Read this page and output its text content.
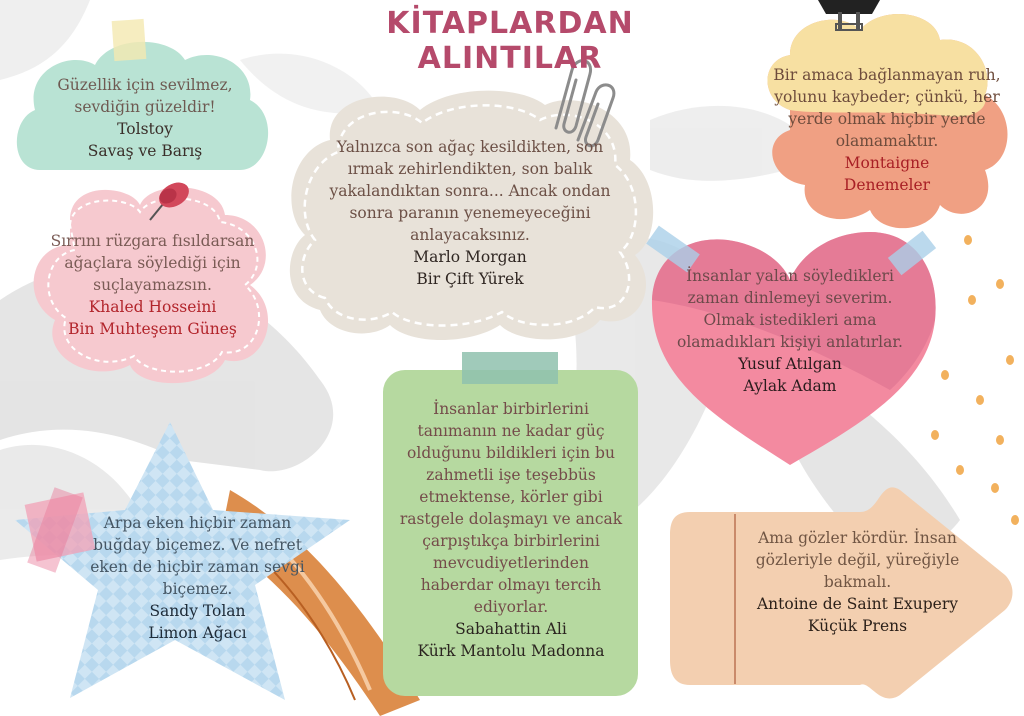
KİTAPLARDAN ALINTILAR

Güzellik için sevilmez, sevdiğin güzeldir!

Tolstoy
Savaş ve Barış

Sırrını rüzgara fısıldarsan ağaçlara söylediği için suçlayamazsın.

Khaled Hosseini
Bin Muhteşem Güneş

Yalnızca son ağaç kesildikten, son ırmak zehirlendikten, son balık yakalandıktan sonra... Ancak ondan sonra paranın yenemeyeceğini anlayacaksınız.

Marlo Morgan
Bir Çift Yürek

Bir amaca bağlanmayan ruh, yolunu kaybeder; çünkü, her yerde olmak hiçbir yerde olamamaktır.

Montaigne
Denemeler

İnsanlar yalan söyledikleri zaman dinlemeyi severim. Olmak istedikleri ama olamadıkları kişiyi anlatırlar.

Yusuf Atılgan
Aylak Adam

İnsanlar birbirlerini tanımanın ne kadar güç olduğunu bildikleri için bu zahmetli işe teşebbüs etmektense, körler gibi rastgele dolaşmayı ve ancak çarpıştıkça birbirlerini mevcudiyetlerinden haberdar olmayı tercih ediyorlar.

Sabahattin Ali
Kürk Mantolu Madonna

Arpa eken hiçbir zaman buğday biçemez. Ve nefret eken de hiçbir zaman sevgi biçemez.

Sandy Tolan
Limon Ağacı

Ama gözler kördür. İnsan gözleriyle değil, yüreğiyle bakmalı.

Antoine de Saint Exupery
Küçük Prens
